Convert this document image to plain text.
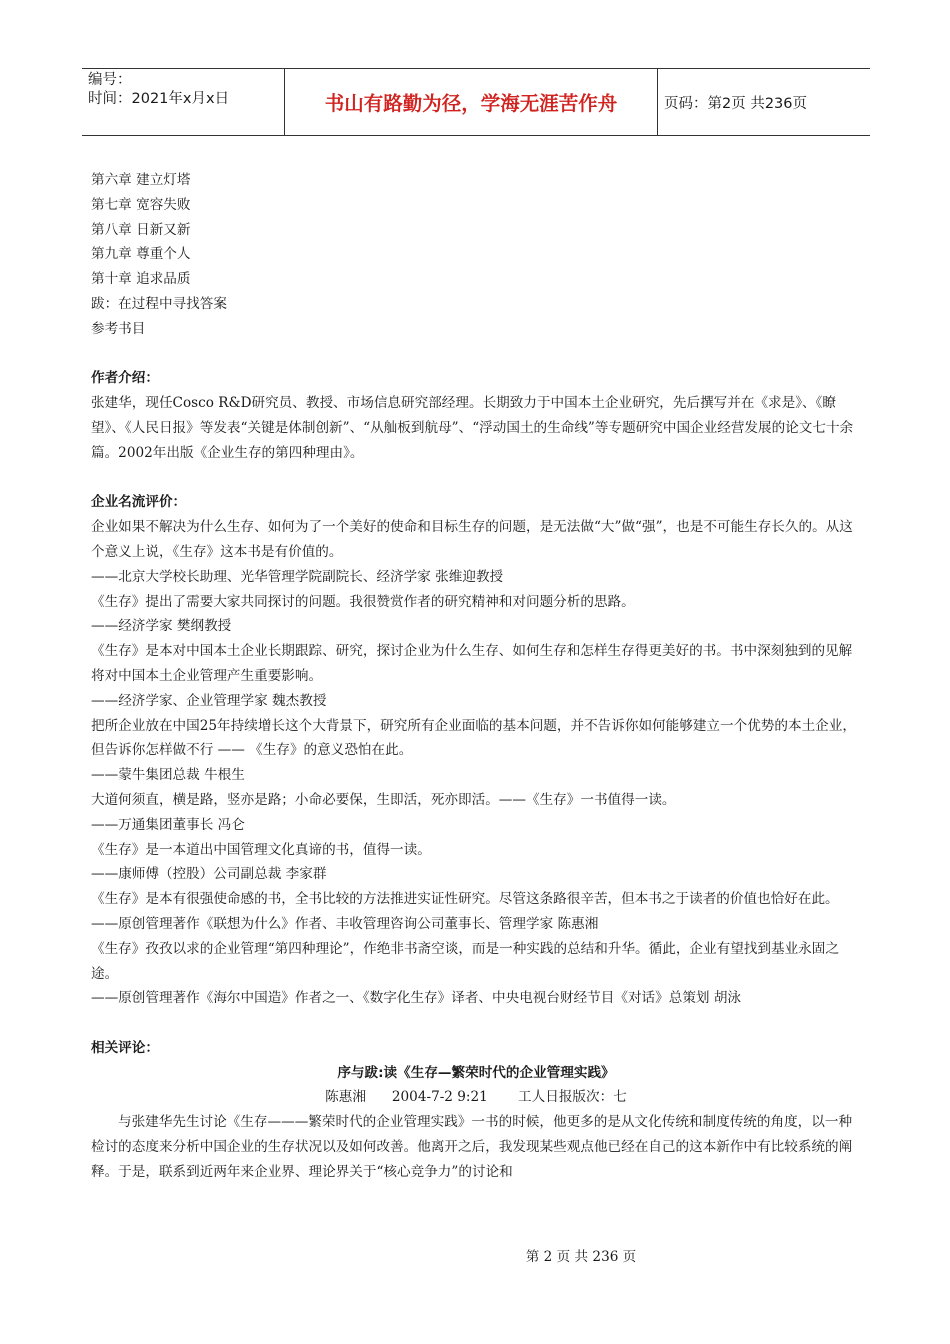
编号：
时间：2021年x月x日	书山有路勤为径，学海无涯苦作舟	页码：第2页 共236页

第六章 建立灯塔

第七章 宽容失败

第八章 日新又新

第九章 尊重个人

第十章 追求品质

跋：在过程中寻找答案

参考书目

作者介绍：

张建华，现任Cosco R&D研究员、教授、市场信息研究部经理。长期致力于中国本土企业研究，先后撰写并在《求是》、《瞭望》、《人民日报》等发表“关键是体制创新”、“从舢板到航母”、“浮动国土的生命线”等专题研究中国企业经营发展的论文七十余篇。2002年出版《企业生存的第四种理由》。

企业名流评价：

企业如果不解决为什么生存、如何为了一个美好的使命和目标生存的问题，是无法做“大”做“强”，也是不可能生存长久的。从这个意义上说，《生存》这本书是有价值的。

——北京大学校长助理、光华管理学院副院长、经济学家 张维迎教授

《生存》提出了需要大家共同探讨的问题。我很赞赏作者的研究精神和对问题分析的思路。

——经济学家 樊纲教授

《生存》是本对中国本土企业长期跟踪、研究，探讨企业为什么生存、如何生存和怎样生存得更美好的书。书中深刻独到的见解将对中国本土企业管理产生重要影响。

——经济学家、企业管理学家 魏杰教授

把所企业放在中国25年持续增长这个大背景下，研究所有企业面临的基本问题，并不告诉你如何能够建立一个优势的本土企业，但告诉你怎样做不行 —— 《生存》的意义恐怕在此。

——蒙牛集团总裁 牛根生

大道何须直，横是路，竖亦是路；小命必要保，生即活，死亦即活。——《生存》一书值得一读。

——万通集团董事长 冯仑

《生存》是一本道出中国管理文化真谛的书，值得一读。

——康师傅（控股）公司副总裁 李家群

《生存》是本有很强使命感的书，全书比较的方法推进实证性研究。尽管这条路很辛苦，但本书之于读者的价值也恰好在此。

——原创管理著作《联想为什么》作者、丰收管理咨询公司董事长、管理学家 陈惠湘

《生存》孜孜以求的企业管理“第四种理论”，作绝非书斋空谈，而是一种实践的总结和升华。循此，企业有望找到基业永固之途。

——原创管理著作《海尔中国造》作者之一、《数字化生存》译者、中央电视台财经节目《对话》总策划 胡泳

相关评论：

序与跋:读《生存—繁荣时代的企业管理实践》

陈惠湘      2004-7-2 9:21       工人日报版次：七

与张建华先生讨论《生存———繁荣时代的企业管理实践》一书的时候，他更多的是从文化传统和制度传统的角度，以一种检讨的态度来分析中国企业的生存状况以及如何改善。他离开之后，我发现某些观点他已经在自己的这本新作中有比较系统的阐释。于是，联系到近两年来企业界、理论界关于“核心竞争力”的讨论和

第 2 页 共 236 页
